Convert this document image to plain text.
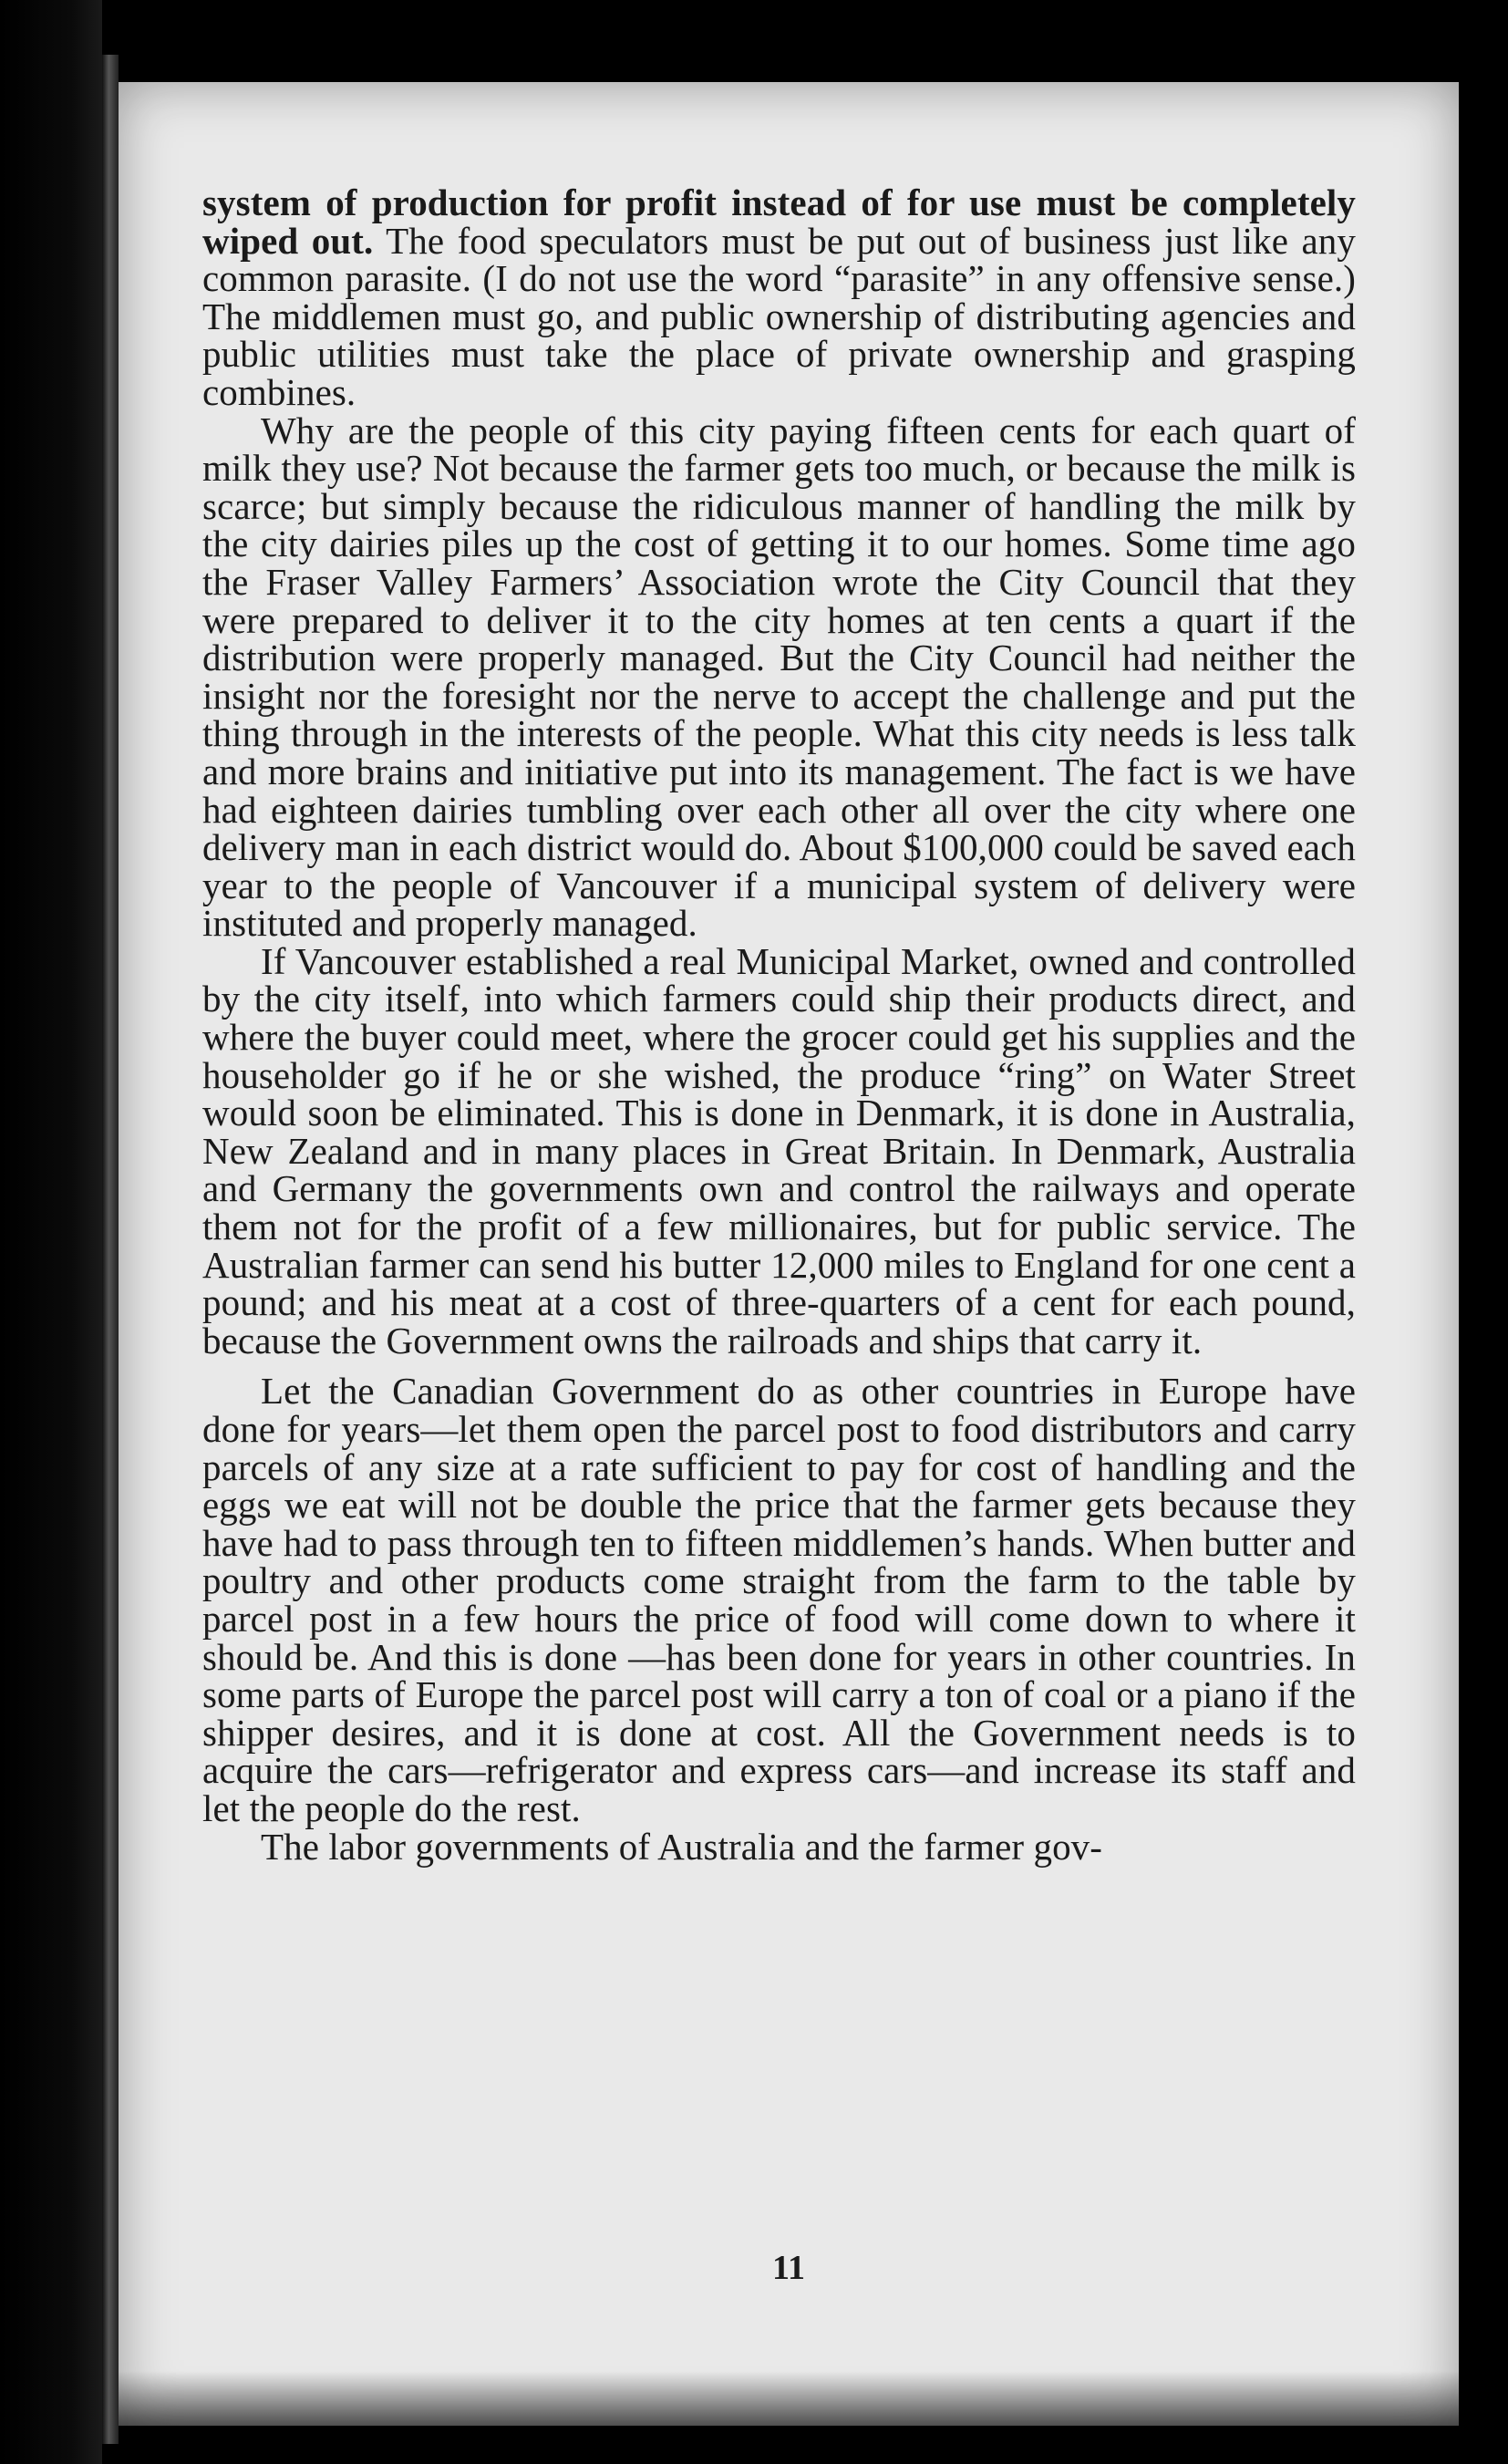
system of production for profit instead of for use must be completely wiped out. The food speculators must be put out of business just like any common parasite. (I do not use the word “parasite” in any offensive sense.) The middlemen must go, and public ownership of distributing agencies and public utilities must take the place of private ownership and grasping combines.

Why are the people of this city paying fifteen cents for each quart of milk they use? Not because the farmer gets too much, or because the milk is scarce; but simply because the ridiculous manner of handling the milk by the city dairies piles up the cost of getting it to our homes. Some time ago the Fraser Valley Farmers’ Association wrote the City Council that they were prepared to deliver it to the city homes at ten cents a quart if the distribution were properly managed. But the City Council had neither the insight nor the foresight nor the nerve to accept the challenge and put the thing through in the interests of the people. What this city needs is less talk and more brains and initiative put into its management. The fact is we have had eighteen dairies tumbling over each other all over the city where one delivery man in each district would do. About $100,000 could be saved each year to the people of Vancouver if a municipal system of delivery were instituted and properly managed.

If Vancouver established a real Municipal Market, owned and controlled by the city itself, into which farmers could ship their products direct, and where the buyer could meet, where the grocer could get his supplies and the householder go if he or she wished, the produce “ring” on Water Street would soon be eliminated. This is done in Denmark, it is done in Australia, New Zealand and in many places in Great Britain. In Denmark, Australia and Germany the governments own and control the railways and operate them not for the profit of a few millionaires, but for public service. The Australian farmer can send his butter 12,000 miles to England for one cent a pound; and his meat at a cost of three-quarters of a cent for each pound, because the Government owns the railroads and ships that carry it.

Let the Canadian Government do as other countries in Europe have done for years—let them open the parcel post to food distributors and carry parcels of any size at a rate sufficient to pay for cost of handling and the eggs we eat will not be double the price that the farmer gets because they have had to pass through ten to fifteen middlemen’s hands. When butter and poultry and other products come straight from the farm to the table by parcel post in a few hours the price of food will come down to where it should be. And this is done —has been done for years in other countries. In some parts of Europe the parcel post will carry a ton of coal or a piano if the shipper desires, and it is done at cost. All the Government needs is to acquire the cars—refrigerator and express cars—and increase its staff and let the people do the rest.

The labor governments of Australia and the farmer gov-

11
